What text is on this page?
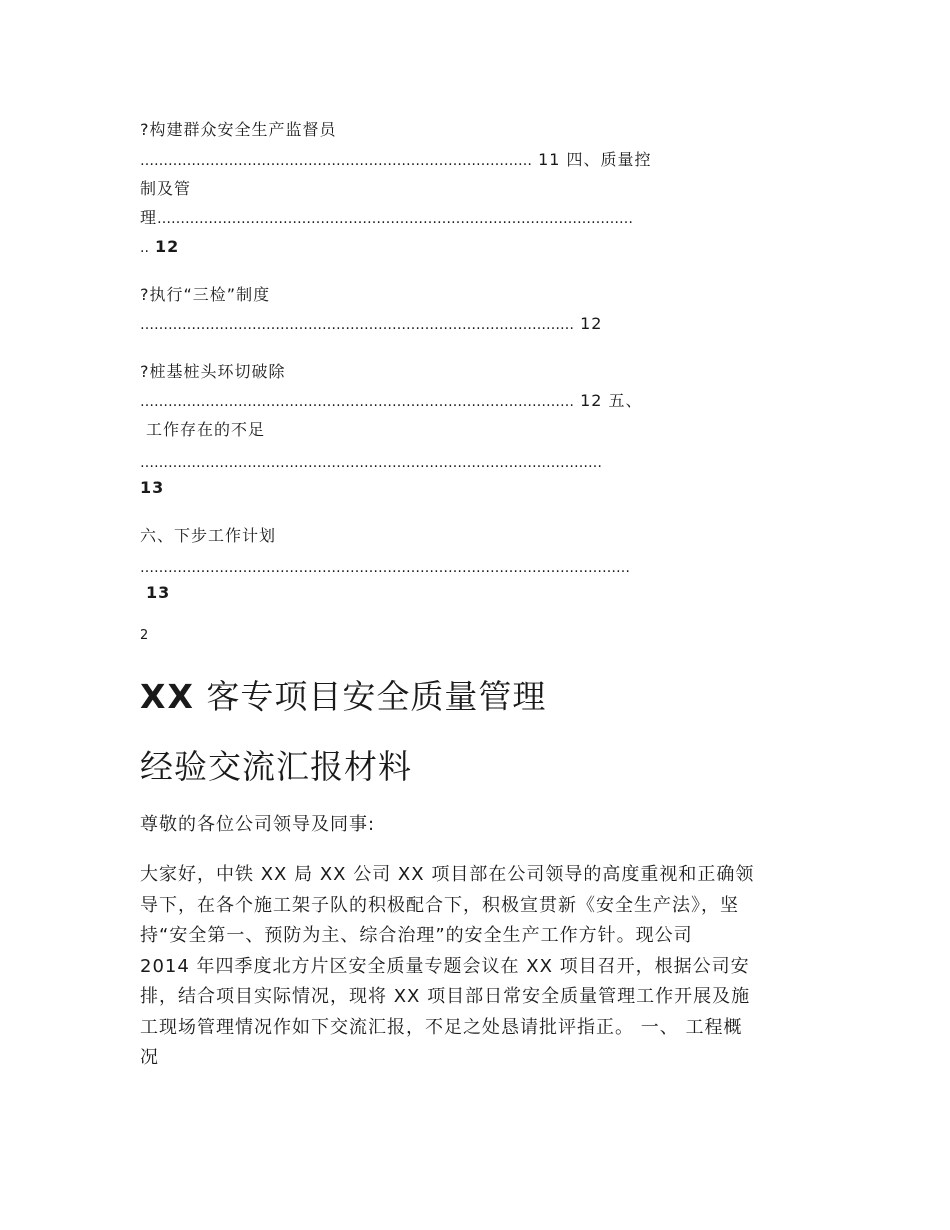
?构建群众安全生产监督员
………………………………………………………………………… 11 四、质量控
制及管
理…………………………………………………………………………………………
.. 12
?执行“三检”制度
………………………………………………………………………………… 12
?桩基桩头环切破除
………………………………………………………………………………… 12 五、
工作存在的不足
………………………………………………………………………………………
13
六、下步工作计划
……………………………………………………………………………………………
13
2
XX 客专项目安全质量管理
经验交流汇报材料
尊敬的各位公司领导及同事:
大家好，中铁 XX 局 XX 公司 XX 项目部在公司领导的高度重视和正确领
导下，在各个施工架子队的积极配合下，积极宣贯新《安全生产法》，坚
持“安全第一、预防为主、综合治理”的安全生产工作方针。现公司
2014 年四季度北方片区安全质量专题会议在 XX 项目召开，根据公司安
排，结合项目实际情况，现将 XX 项目部日常安全质量管理工作开展及施
工现场管理情况作如下交流汇报，不足之处恳请批评指正。 一、 工程概
况
